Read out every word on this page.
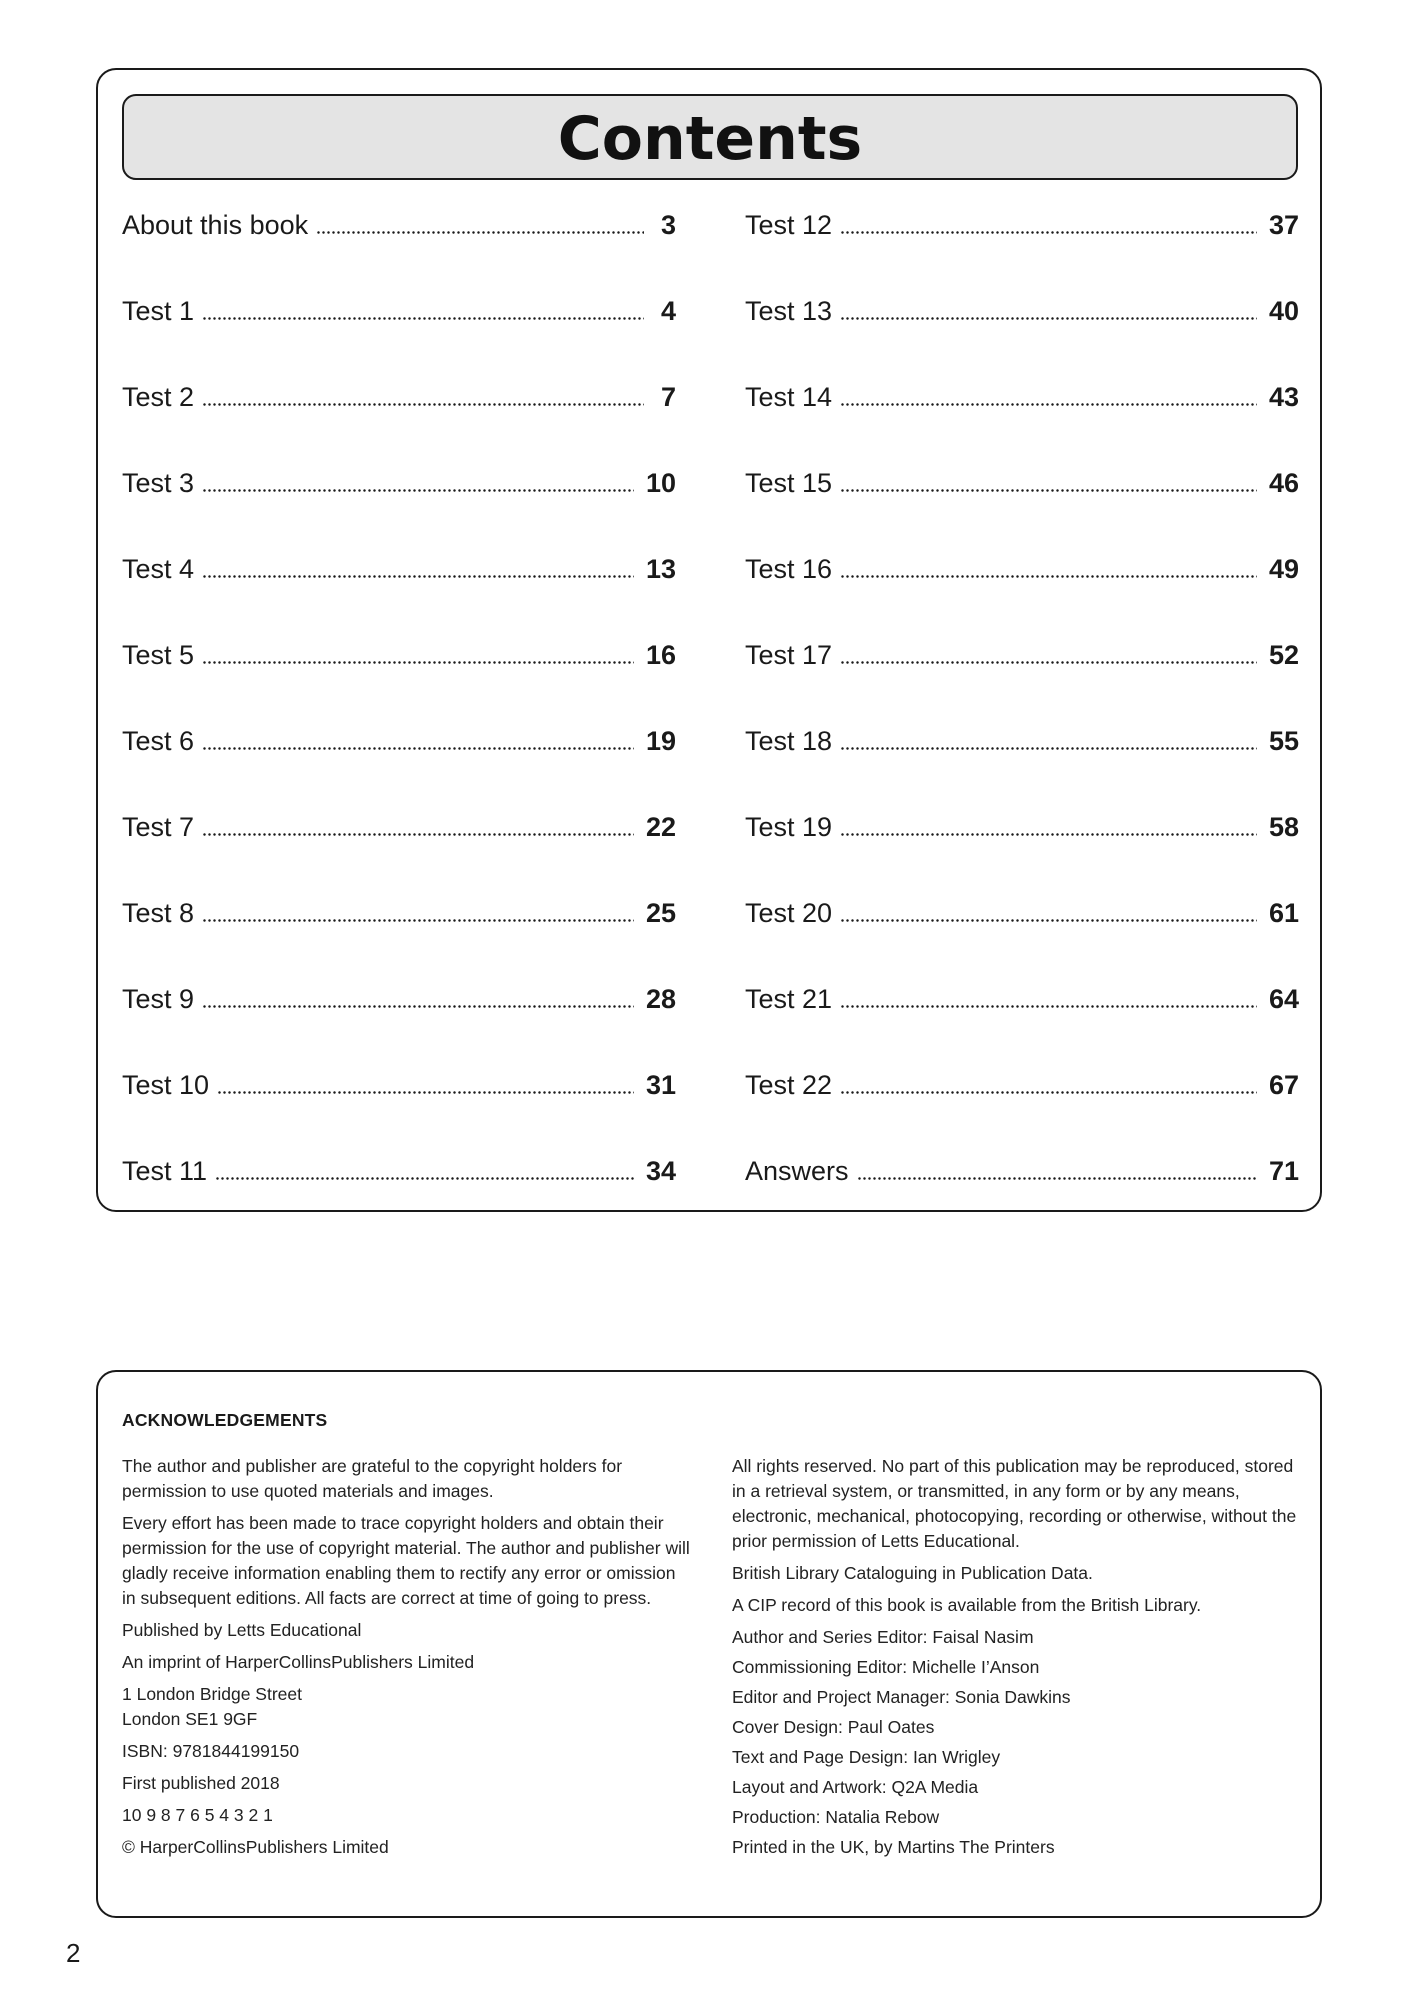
Contents
About this book	3
Test 1	4
Test 2	7
Test 3	10
Test 4	13
Test 5	16
Test 6	19
Test 7	22
Test 8	25
Test 9	28
Test 10	31
Test 11	34
Test 12	37
Test 13	40
Test 14	43
Test 15	46
Test 16	49
Test 17	52
Test 18	55
Test 19	58
Test 20	61
Test 21	64
Test 22	67
Answers	71
ACKNOWLEDGEMENTS

The author and publisher are grateful to the copyright holders for permission to use quoted materials and images.

Every effort has been made to trace copyright holders and obtain their permission for the use of copyright material. The author and publisher will gladly receive information enabling them to rectify any error or omission in subsequent editions. All facts are correct at time of going to press.

Published by Letts Educational

An imprint of HarperCollinsPublishers Limited

1 London Bridge Street

London SE1 9GF

ISBN: 9781844199150

First published 2018

10 9 8 7 6 5 4 3 2 1

© HarperCollinsPublishers Limited

All rights reserved. No part of this publication may be reproduced, stored in a retrieval system, or transmitted, in any form or by any means, electronic, mechanical, photocopying, recording or otherwise, without the prior permission of Letts Educational.

British Library Cataloguing in Publication Data.

A CIP record of this book is available from the British Library.

Author and Series Editor: Faisal Nasim

Commissioning Editor: Michelle I’Anson

Editor and Project Manager: Sonia Dawkins

Cover Design: Paul Oates

Text and Page Design: Ian Wrigley

Layout and Artwork: Q2A Media

Production: Natalia Rebow

Printed in the UK, by Martins The Printers

2
